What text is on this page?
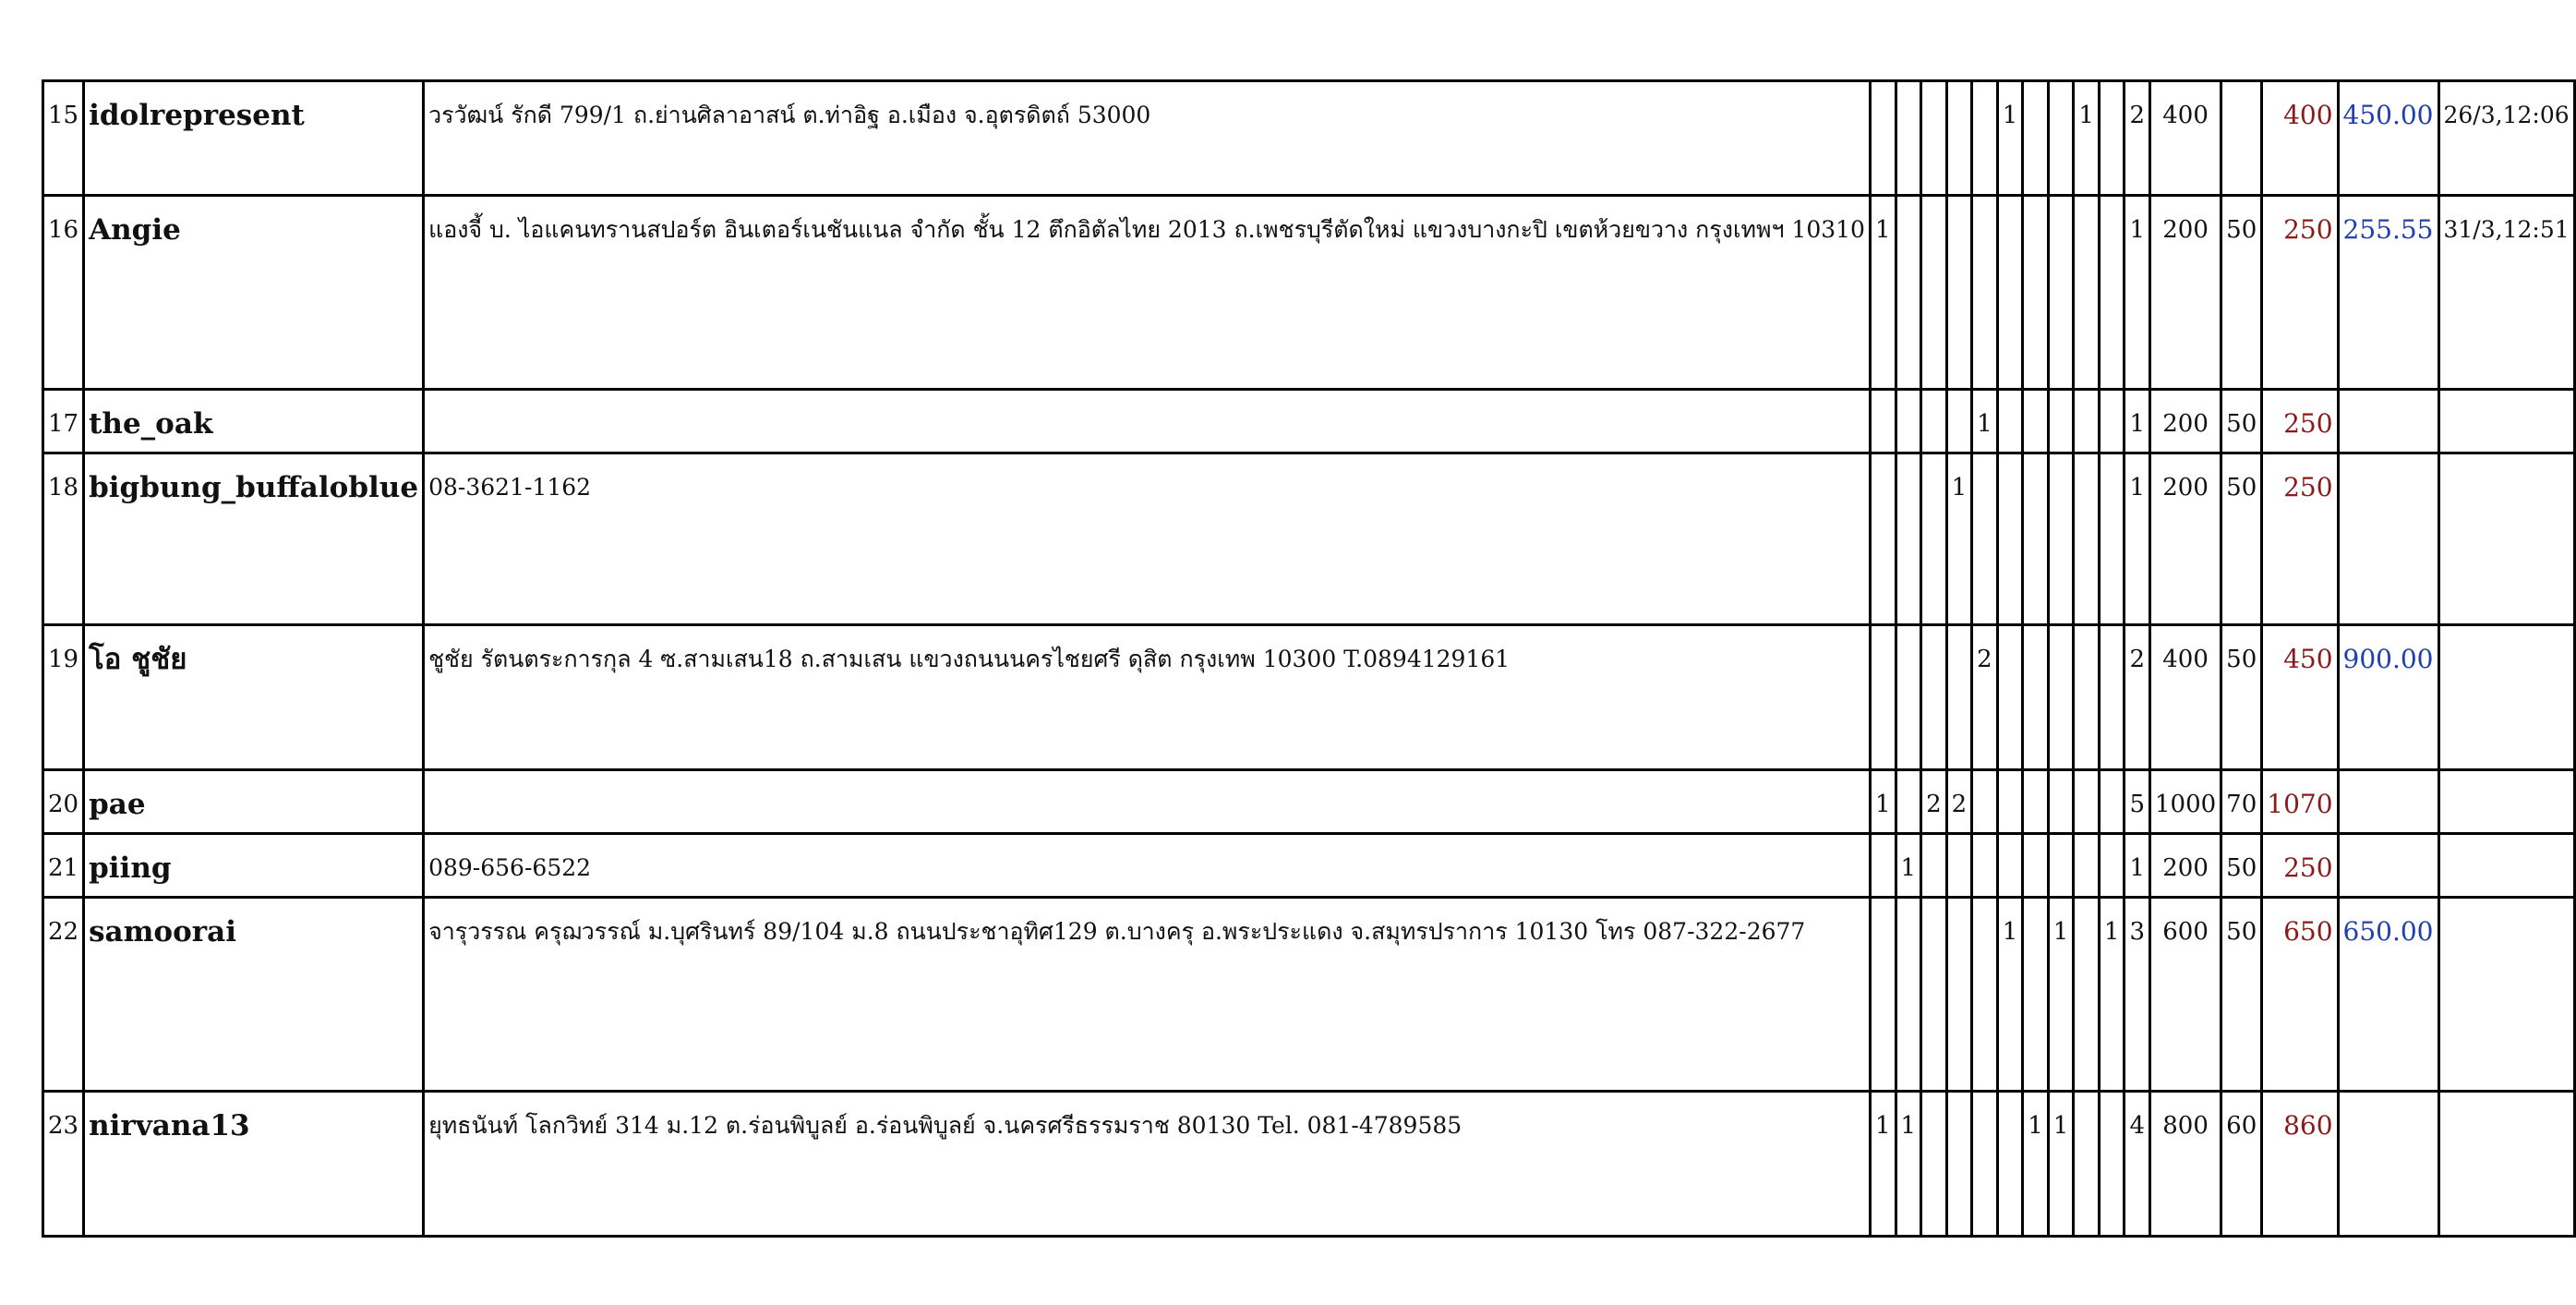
15	idolrepresent	วรวัฒน์ รักดี 799/1 ถ.ย่านศิลาอาสน์ ต.ท่าอิฐ อ.เมือง จ.อุตรดิตถ์ 53000						1			1		2	400		400	450.00	26/3,12:06
16	Angie	แองจี้ บ. ไอแคนทรานสปอร์ต อินเตอร์เนชันแนล จำกัด ชั้น 12 ตึกอิตัลไทย 2013 ถ.เพชรบุรีตัดใหม่ แขวงบางกะปิ เขตห้วยขวาง กรุงเทพฯ 10310	1										1	200	50	250	255.55	31/3,12:51
17	the_oak						1						1	200	50	250		
18	bigbung_buffaloblue	08-3621-1162				1							1	200	50	250		
19	โอ ชูชัย	ชูชัย รัตนตระการกุล 4 ซ.สามเสน18 ถ.สามเสน แขวงถนนนครไชยศรี ดุสิต กรุงเทพ 10300 T.0894129161					2						2	400	50	450	900.00	
20	pae		1		2	2							5	1000	70	1070		
21	piing	089-656-6522		1									1	200	50	250		
22	samoorai	จารุวรรณ ครุฌวรรณ์ ม.บุศรินทร์ 89/104 ม.8 ถนนประชาอุทิศ129 ต.บางครุ อ.พระประแดง จ.สมุทรปราการ 10130 โทร 087-322-2677						1		1		1	3	600	50	650	650.00	
23	nirvana13	ยุทธนันท์ โลกวิทย์ 314 ม.12 ต.ร่อนพิบูลย์ อ.ร่อนพิบูลย์ จ.นครศรีธรรมราช 80130 Tel. 081-4789585	1	1					1	1			4	800	60	860		
